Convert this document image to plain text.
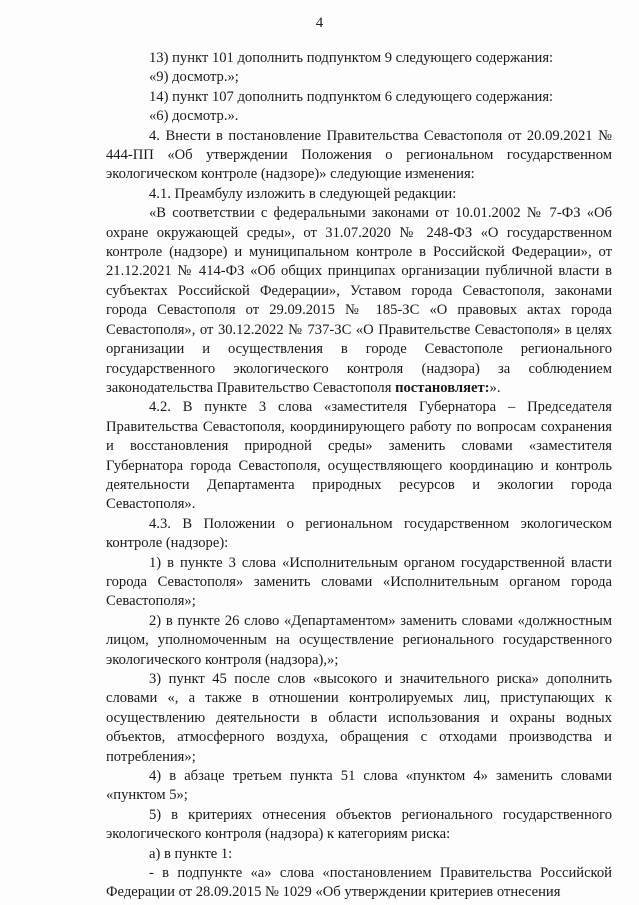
4

13) пункт 101 дополнить подпунктом 9 следующего содержания:

«9) досмотр.»;

14) пункт 107 дополнить подпунктом 6 следующего содержания:

«6) досмотр.».

4. Внести в постановление Правительства Севастополя от 20.09.2021 № 444-ПП «Об утверждении Положения о региональном государственном экологическом контроле (надзоре)» следующие изменения:

4.1. Преамбулу изложить в следующей редакции:

«В соответствии с федеральными законами от 10.01.2002 № 7-ФЗ «Об охране окружающей среды», от 31.07.2020 № 248-ФЗ «О государственном контроле (надзоре) и муниципальном контроле в Российской Федерации», от 21.12.2021 № 414-ФЗ «Об общих принципах организации публичной власти в субъектах Российской Федерации», Уставом города Севастополя, законами города Севастополя от 29.09.2015 № 185-ЗС «О правовых актах города Севастополя», от 30.12.2022 № 737-ЗС «О Правительстве Севастополя» в целях организации и осуществления в городе Севастополе регионального государственного экологического контроля (надзора) за соблюдением законодательства Правительство Севастополя постановляет:».

4.2. В пункте 3 слова «заместителя Губернатора – Председателя Правительства Севастополя, координирующего работу по вопросам сохранения и восстановления природной среды» заменить словами «заместителя Губернатора города Севастополя, осуществляющего координацию и контроль деятельности Департамента природных ресурсов и экологии города Севастополя».

4.3. В Положении о региональном государственном экологическом контроле (надзоре):

1) в пункте 3 слова «Исполнительным органом государственной власти города Севастополя» заменить словами «Исполнительным органом города Севастополя»;

2) в пункте 26 слово «Департаментом» заменить словами «должностным лицом, уполномоченным на осуществление регионального государственного экологического контроля (надзора),»;

3) пункт 45 после слов «высокого и значительного риска» дополнить словами «, а также в отношении контролируемых лиц, приступающих к осуществлению деятельности в области использования и охраны водных объектов, атмосферного воздуха, обращения с отходами производства и потребления»;

4) в абзаце третьем пункта 51 слова «пунктом 4» заменить словами «пунктом 5»;

5) в критериях отнесения объектов регионального государственного экологического контроля (надзора) к категориям риска:

а) в пункте 1:

- в подпункте «а» слова «постановлением Правительства Российской Федерации от 28.09.2015 № 1029 «Об утверждении критериев отнесения
